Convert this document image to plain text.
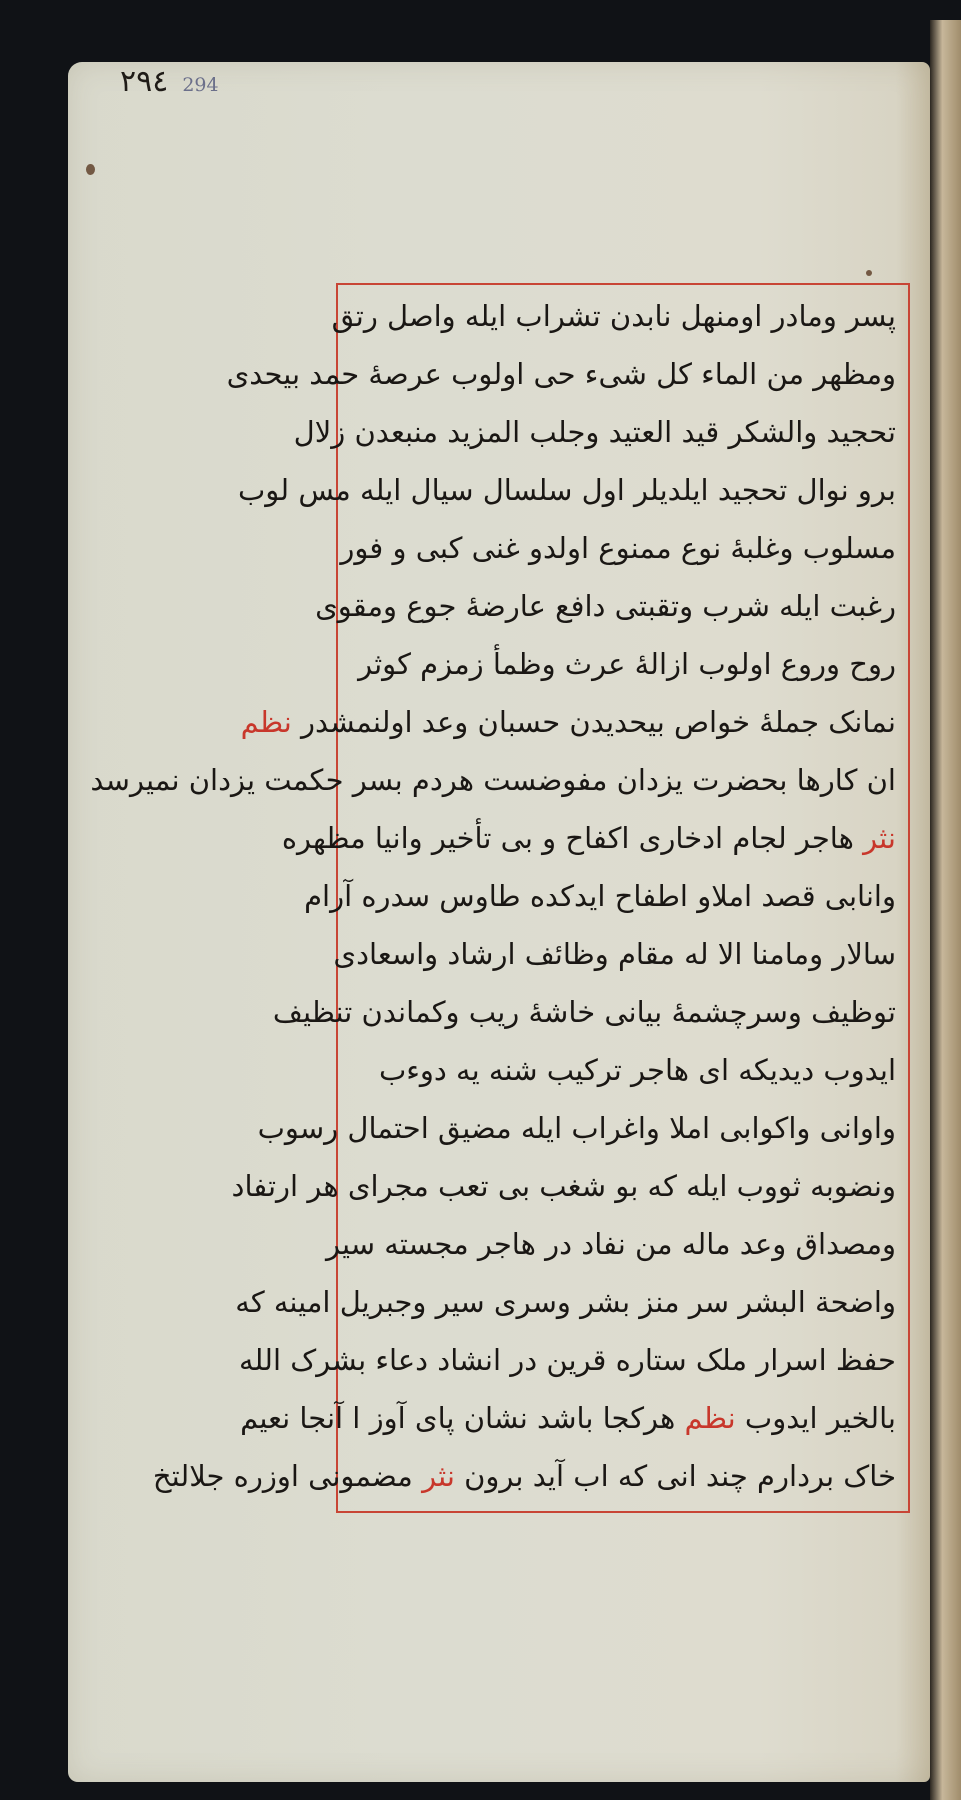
٢٩٤ 294
پسر ومادر اومنهل نابدن تشراب ایله واصل رتق
ومظهر من الماء کل شیء حی اولوب عرصهٔ حمد بیحدی
تحجید والشکر قید العتید وجلب المزید منبعدن زلال
برو نوال تحجید ایلدیلر اول سلسال سیال ایله مس لوب
مسلوب وغلبهٔ نوع ممنوع اولدو غنی کبی و فور
رغبت ایله شرب وتقبتی دافع عارضهٔ جوع ومقوی
روح وروع اولوب ازالهٔ عرث وظمأ زمزم کوثر
نمانک جملهٔ خواص بیحدیدن حسبان وعد اولنمشدر نظم
ان کارها بحضرت یزدان مفوضست هردم بسر حکمت یزدان نمیرسد
نثر هاجر لجام ادخاری اکفاح و بی تأخیر وانیا مظهره
وانابی قصد املاو اطفاح ایدکده طاوس سدره آرام
سالار ومامنا الا له مقام وظائف ارشاد واسعادی
توظیف وسرچشمهٔ بیانی خاشهٔ ریب وکماندن تنظیف
ایدوب دیدیکه ای هاجر ترکیب شنه یه دوءب
واوانی واکوابی املا واغراب ایله مضیق احتمال رسوب
ونضوبه ثووب ایله که بو شغب بی تعب مجرای هر ارتفاد
ومصداق وعد ماله من نفاد در هاجر مجسته سیر
واضحة البشر سر منز بشر وسری سیر وجبریل امینه که
حفظ اسرار ملک ستاره قرین در انشاد دعاء بشرک الله
بالخیر ایدوب نظم هرکجا باشد نشان پای آوز ا آنجا نعیم
خاک بردارم چند انی که اب آید برون نثر مضمونی اوزره جلالتخ
